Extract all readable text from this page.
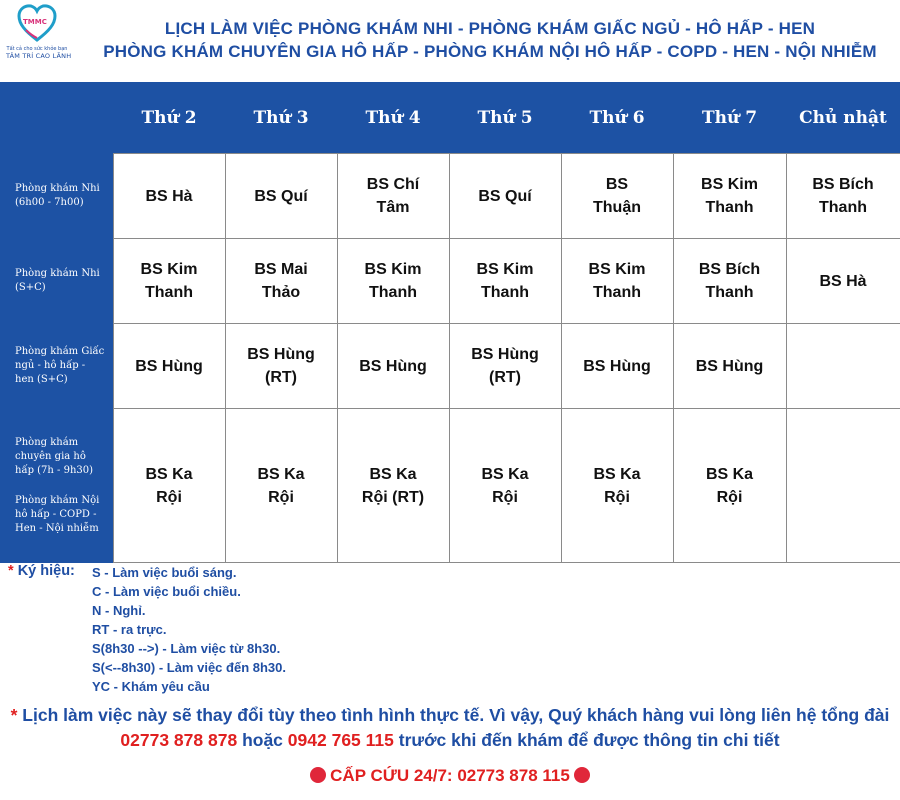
TMMC
Tất cả cho sức khỏe bạn
TÂM TRÍ CAO LÃNH
LỊCH LÀM VIỆC PHÒNG KHÁM NHI - PHÒNG KHÁM GIẤC NGỦ - HÔ HẤP - HEN
PHÒNG KHÁM CHUYÊN GIA HÔ HẤP - PHÒNG KHÁM NỘI HÔ HẤP - COPD - HEN - NỘI NHIỄM
	Thứ 2	Thứ 3	Thứ 4	Thứ 5	Thứ 6	Thứ 7	Chủ nhật
Phòng khám Nhi (6h00 - 7h00)	BS Hà	BS Quí	BS Chí Tâm	BS Quí	BS Thuận	BS Kim Thanh	BS Bích Thanh

Phòng khám Nhi (S+C)	BS Kim Thanh	BS Mai Thảo	BS Kim Thanh	BS Kim Thanh	BS Kim Thanh	BS Bích Thanh	BS Hà

Phòng khám Giấc ngủ - hô hấp - hen (S+C)	BS Hùng	BS Hùng (RT)	BS Hùng	BS Hùng (RT)	BS Hùng	BS Hùng	

Phòng khám chuyên gia hô hấp (7h - 9h30)
Phòng khám Nội hô hấp - COPD - Hen - Nội nhiễm	BS Ka Rội	BS Ka Rội	BS Ka Rội (RT)	BS Ka Rội	BS Ka Rội	BS Ka Rội	

* Ký hiệu: S - Làm việc buổi sáng.
C - Làm việc buổi chiều.
N - Nghỉ.
RT - ra trực.
S(8h30 -->) - Làm việc từ 8h30.
S(<--8h30) - Làm việc đến 8h30.
YC - Khám yêu cầu
* Lịch làm việc này sẽ thay đổi tùy theo tình hình thực tế. Vì vậy, Quý khách hàng vui lòng liên hệ tổng đài 02773 878 878 hoặc 0942 765 115 trước khi đến khám để được thông tin chi tiết
CẤP CỨU 24/7: 02773 878 115
